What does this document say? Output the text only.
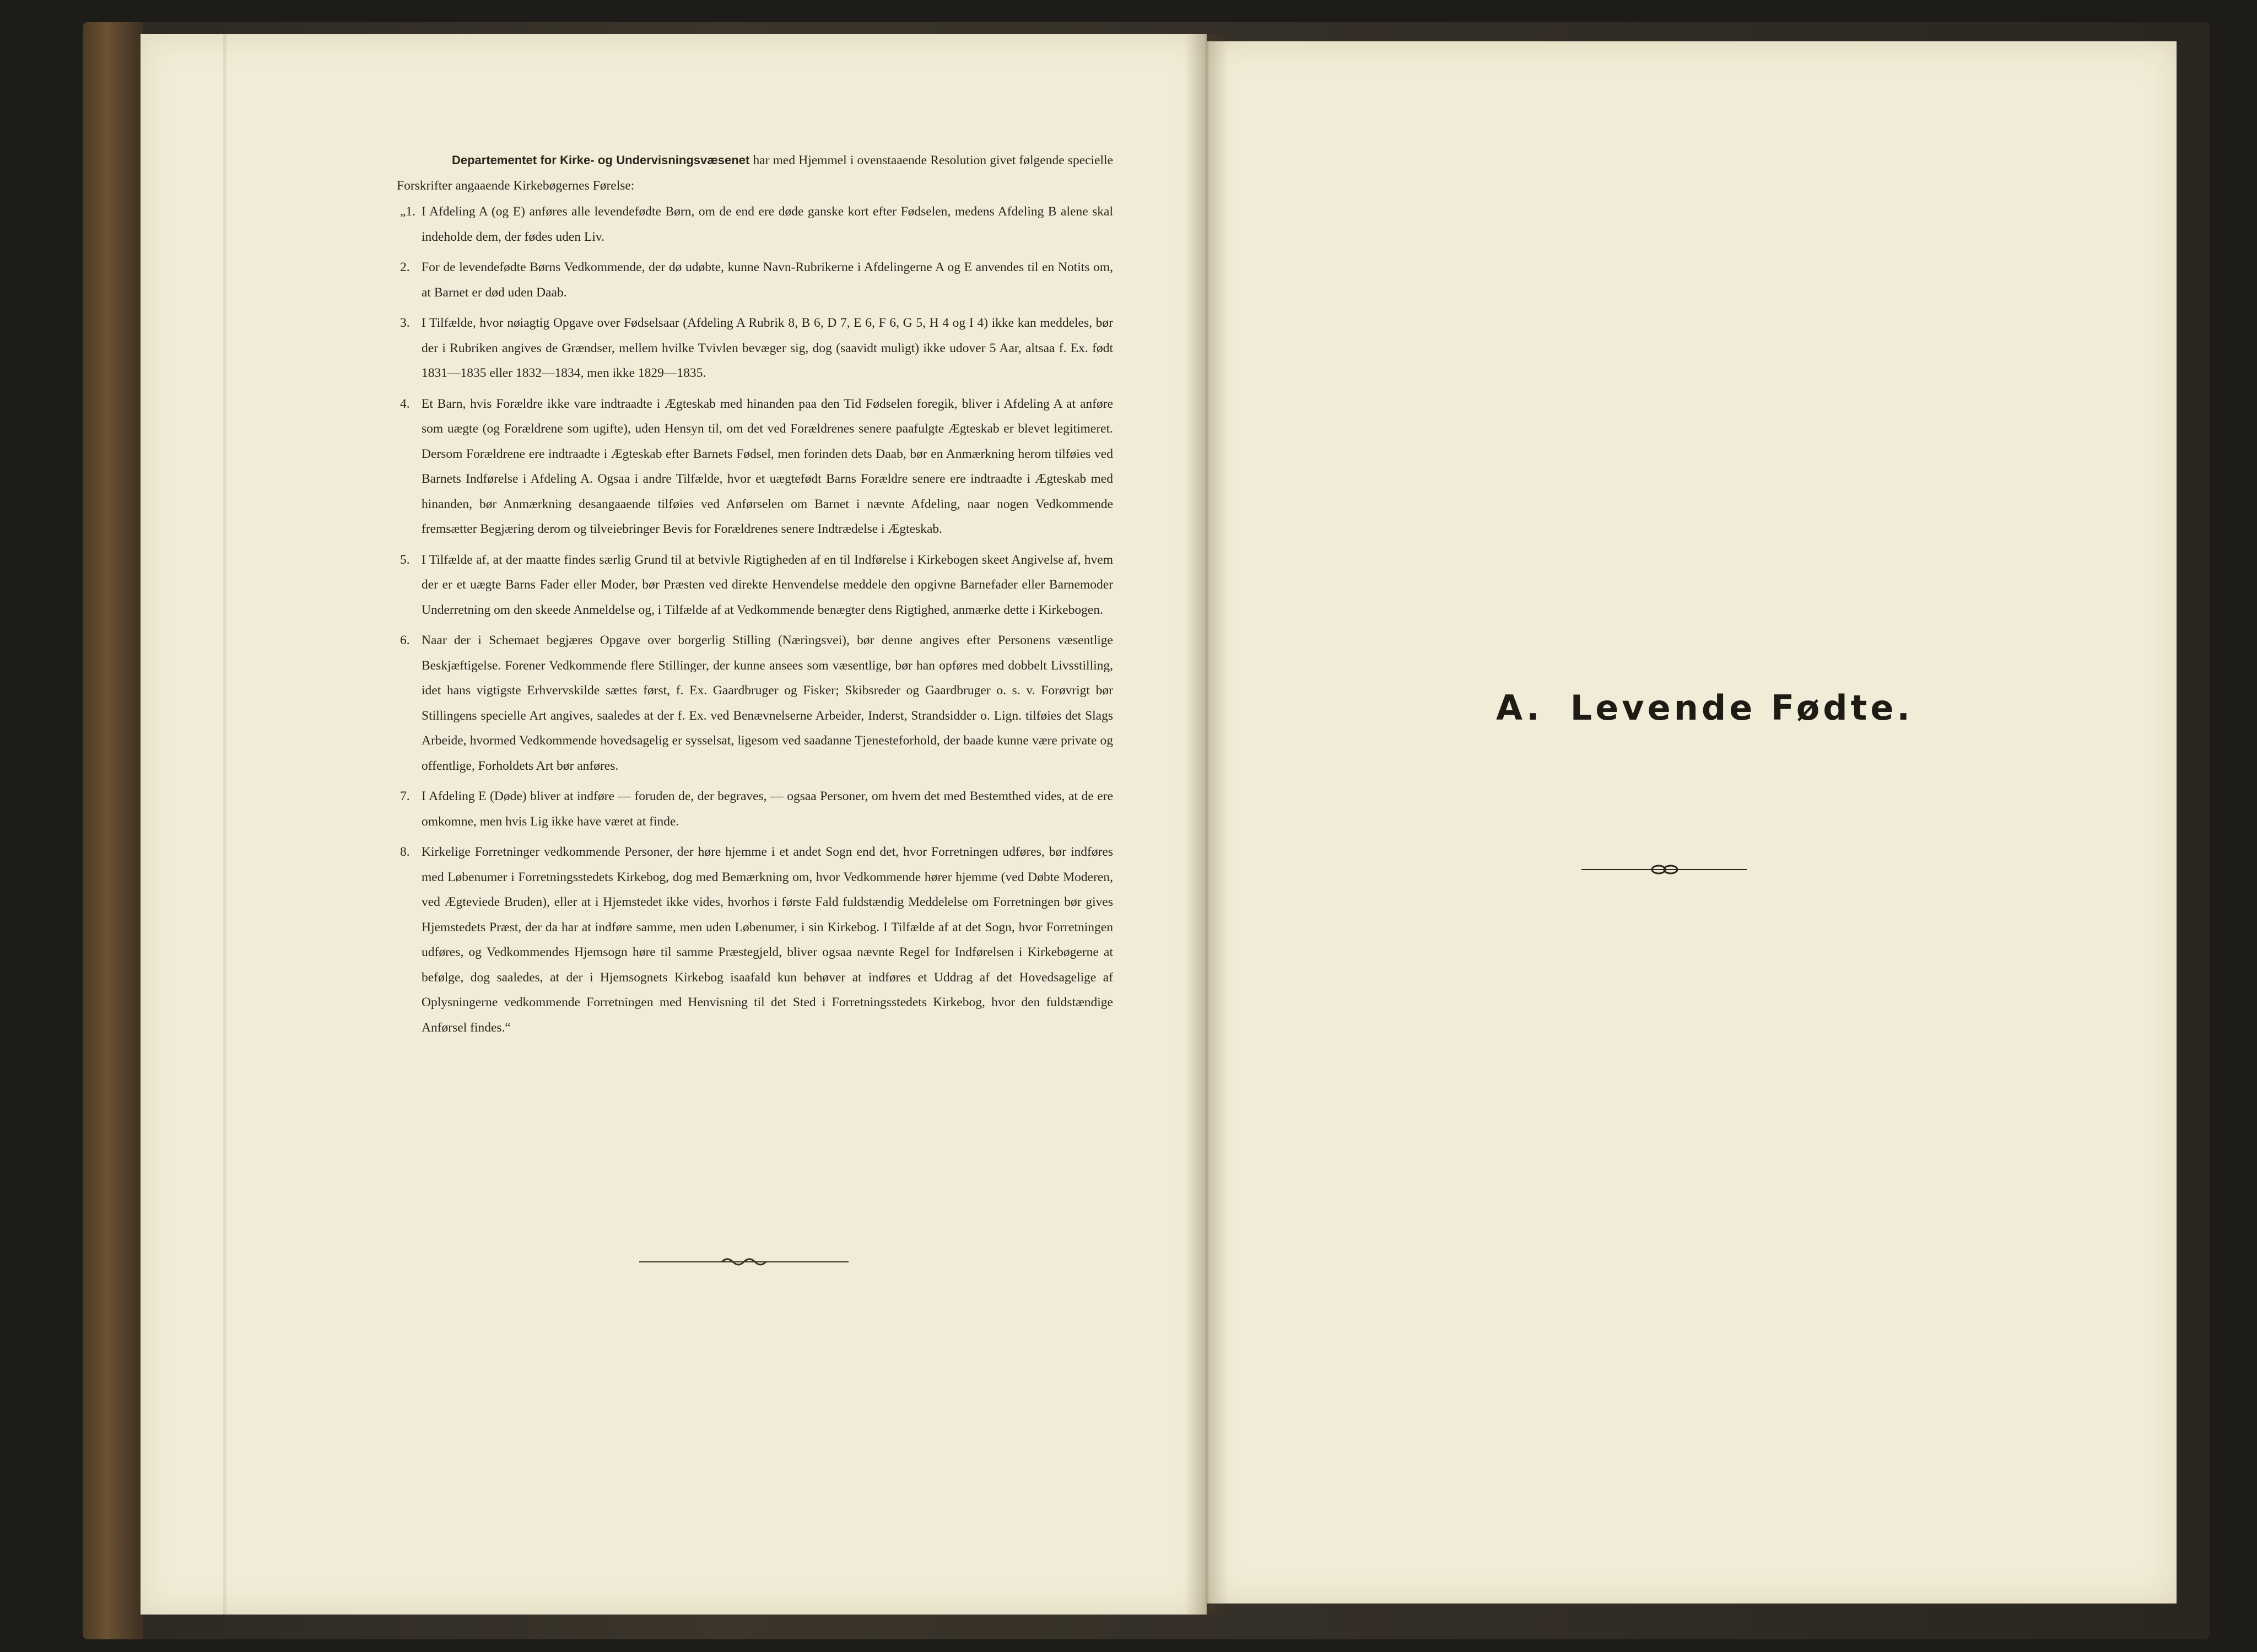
Departementet for Kirke- og Undervisningsvæsenet har med Hjemmel i ovenstaaende Resolution givet følgende specielle Forskrifter angaaende Kirkebøgernes Førelse:

„1. I Afdeling A (og E) anføres alle levendefødte Børn, om de end ere døde ganske kort efter Fødselen, medens Afdeling B alene skal indeholde dem, der fødes uden Liv.
2. For de levendefødte Børns Vedkommende, der dø udøbte, kunne Navn-Rubrikerne i Afdelingerne A og E anvendes til en Notits om, at Barnet er død uden Daab.
3. I Tilfælde, hvor nøiagtig Opgave over Fødselsaar (Afdeling A Rubrik 8, B 6, D 7, E 6, F 6, G 5, H 4 og I 4) ikke kan meddeles, bør der i Rubriken angives de Grændser, mellem hvilke Tvivlen bevæger sig, dog (saavidt muligt) ikke udover 5 Aar, altsaa f. Ex. født 1831—1835 eller 1832—1834, men ikke 1829—1835.
4. Et Barn, hvis Forældre ikke vare indtraadte i Ægteskab med hinanden paa den Tid Fødselen foregik, bliver i Afdeling A at anføre som uægte (og Forældrene som ugifte), uden Hensyn til, om det ved Forældrenes senere paafulgte Ægteskab er blevet legitimeret. Dersom Forældrene ere indtraadte i Ægteskab efter Barnets Fødsel, men forinden dets Daab, bør en Anmærkning herom tilføies ved Barnets Indførelse i Afdeling A. Ogsaa i andre Tilfælde, hvor et uægtefødt Barns Forældre senere ere indtraadte i Ægteskab med hinanden, bør Anmærkning desangaaende tilføies ved Anførselen om Barnet i nævnte Afdeling, naar nogen Vedkommende fremsætter Begjæring derom og tilveiebringer Bevis for Forældrenes senere Indtrædelse i Ægteskab.
5. I Tilfælde af, at der maatte findes særlig Grund til at betvivle Rigtigheden af en til Indførelse i Kirkebogen skeet Angivelse af, hvem der er et uægte Barns Fader eller Moder, bør Præsten ved direkte Henvendelse meddele den opgivne Barnefader eller Barnemoder Underretning om den skeede Anmeldelse og, i Tilfælde af at Vedkommende benægter dens Rigtighed, anmærke dette i Kirkebogen.
6. Naar der i Schemaet begjæres Opgave over borgerlig Stilling (Næringsvei), bør denne angives efter Personens væsentlige Beskjæftigelse. Forener Vedkommende flere Stillinger, der kunne ansees som væsentlige, bør han opføres med dobbelt Livsstilling, idet hans vigtigste Erhvervskilde sættes først, f. Ex. Gaardbruger og Fisker; Skibsreder og Gaardbruger o. s. v. Forøvrigt bør Stillingens specielle Art angives, saaledes at der f. Ex. ved Benævnelserne Arbeider, Inderst, Strandsidder o. Lign. tilføies det Slags Arbeide, hvormed Vedkommende hovedsagelig er sysselsat, ligesom ved saadanne Tjenesteforhold, der baade kunne være private og offentlige, Forholdets Art bør anføres.
7. I Afdeling E (Døde) bliver at indføre — foruden de, der begraves, — ogsaa Personer, om hvem det med Bestemthed vides, at de ere omkomne, men hvis Lig ikke have været at finde.
8. Kirkelige Forretninger vedkommende Personer, der høre hjemme i et andet Sogn end det, hvor Forretningen udføres, bør indføres med Løbenumer i Forretningsstedets Kirkebog, dog med Bemærkning om, hvor Vedkommende hører hjemme (ved Døbte Moderen, ved Ægteviede Bruden), eller at i Hjemstedet ikke vides, hvorhos i første Fald fuldstændig Meddelelse om Forretningen bør gives Hjemstedets Præst, der da har at indføre samme, men uden Løbenumer, i sin Kirkebog. I Tilfælde af at det Sogn, hvor Forretningen udføres, og Vedkommendes Hjemsogn høre til samme Præstegjeld, bliver ogsaa nævnte Regel for Indførelsen i Kirkebøgerne at befølge, dog saaledes, at der i Hjemsognets Kirkebog isaafald kun behøver at indføres et Uddrag af det Hovedsagelige af Oplysningerne vedkommende Forretningen med Henvisning til det Sted i Forretningsstedets Kirkebog, hvor den fuldstændige Anførsel findes.“
A. Levende Fødte.
